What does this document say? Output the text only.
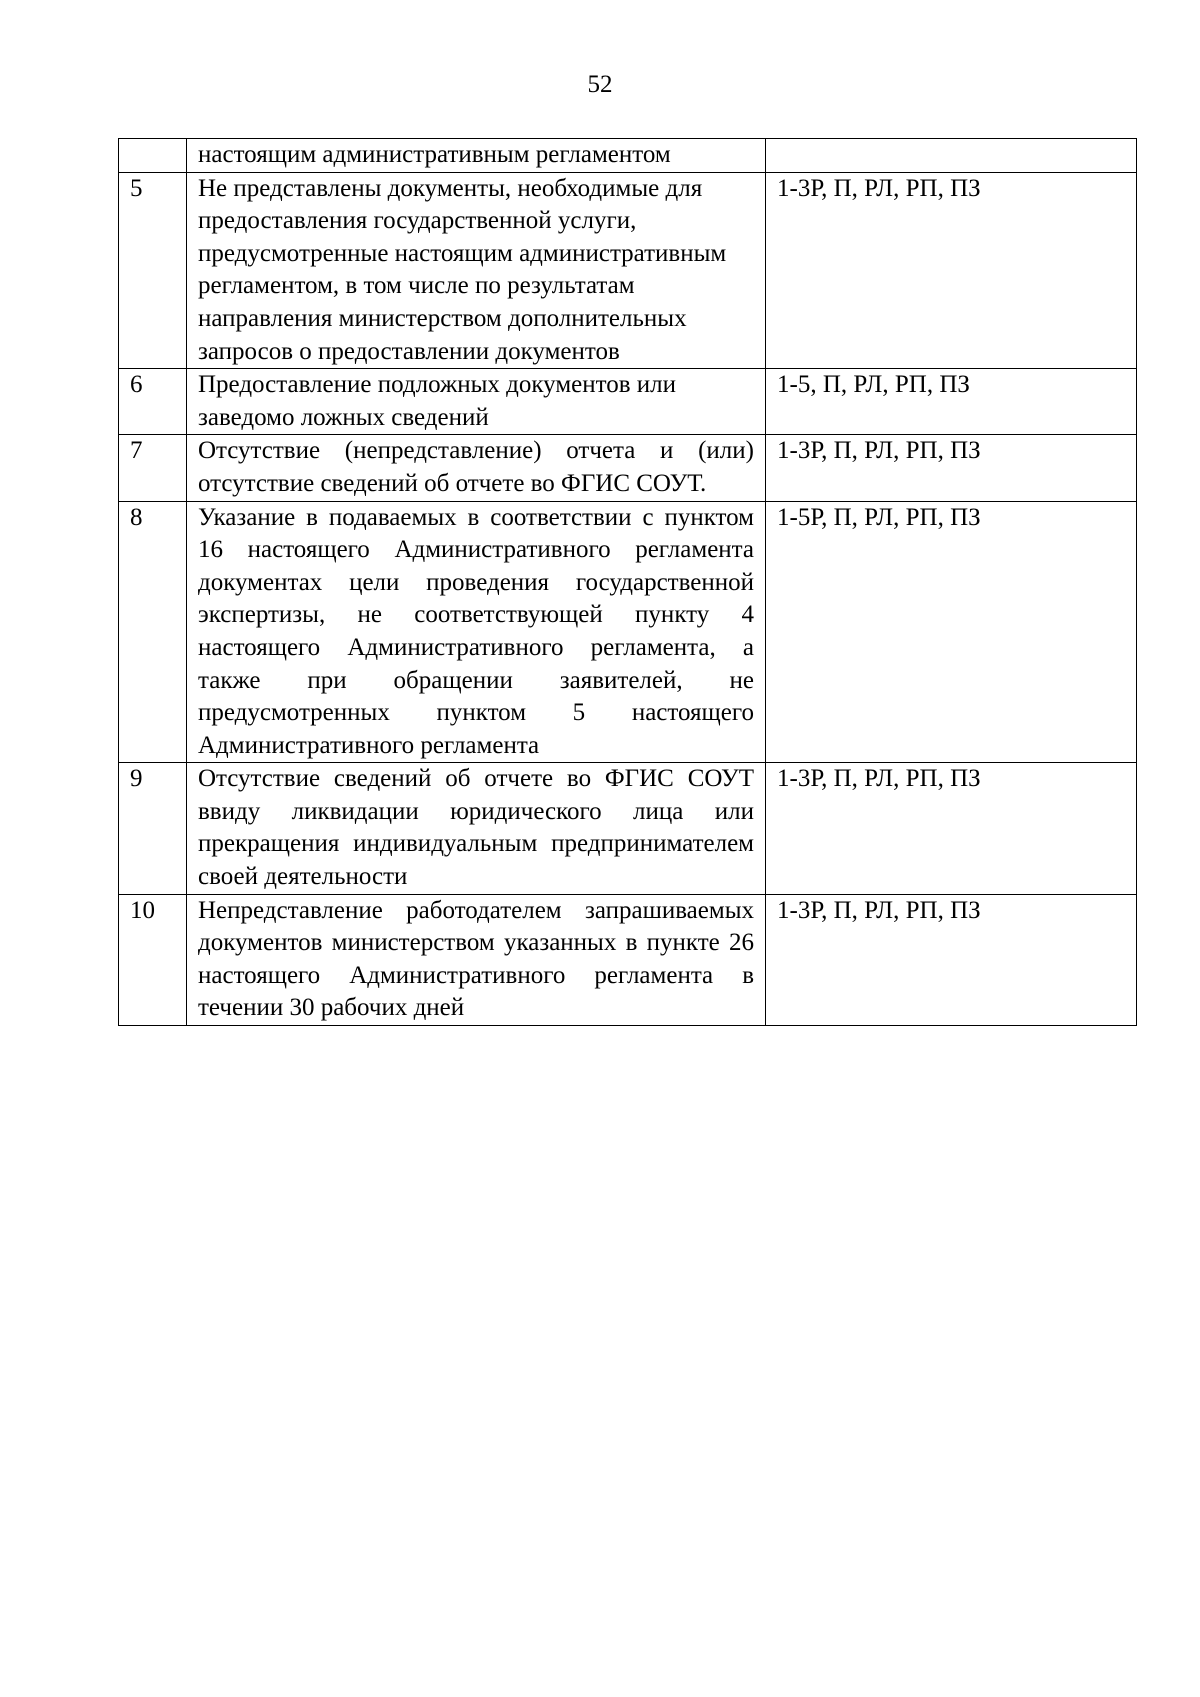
52
	настоящим административным регламентом	
5	Не представлены документы, необходимые для предоставления государственной услуги, предусмотренные настоящим административным регламентом, в том числе по результатам направления министерством дополнительных запросов о предоставлении документов	1-3Р, П, РЛ, РП, ПЗ
6	Предоставление подложных документов или заведомо ложных сведений	1-5, П, РЛ, РП, ПЗ
7	Отсутствие (непредставление) отчета и (или) отсутствие сведений об отчете во ФГИС СОУТ.	1-3Р, П, РЛ, РП, ПЗ
8	Указание в подаваемых в соответствии с пунктом 16 настоящего Административного регламента документах цели проведения государственной экспертизы, не соответствующей пункту 4 настоящего Административного регламента, а также при обращении заявителей, не предусмотренных пунктом 5 настоящего Административного регламента	1-5Р, П, РЛ, РП, ПЗ
9	Отсутствие сведений об отчете во ФГИС СОУТ ввиду ликвидации юридического лица или прекращения индивидуальным предпринимателем своей деятельности	1-3Р, П, РЛ, РП, ПЗ
10	Непредставление работодателем запрашиваемых документов министерством указанных в пункте 26 настоящего Административного регламента в течении 30 рабочих дней	1-3Р, П, РЛ, РП, ПЗ
